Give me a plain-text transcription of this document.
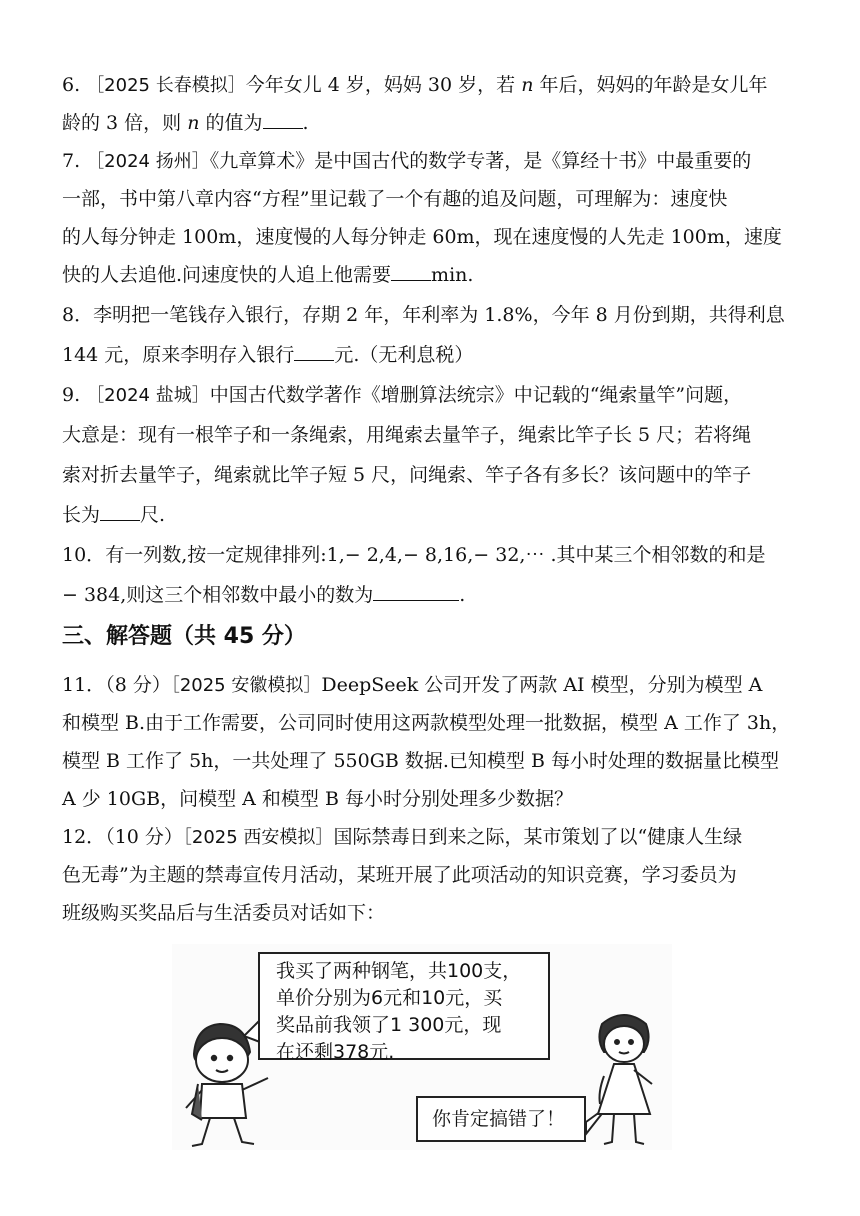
6. ［2025 长春模拟］今年女儿 4 岁，妈妈 30 岁，若 n 年后，妈妈的年龄是女儿年
龄的 3 倍，则 n 的值为 .
7. ［2024 扬州］《九章算术》是中国古代的数学专著，是《算经十书》中最重要的
一部，书中第八章内容“方程”里记载了一个有趣的追及问题，可理解为：速度快
的人每分钟走 100m，速度慢的人每分钟走 60m，现在速度慢的人先走 100m，速度
快的人去追他.问速度快的人追上他需要 min.
8．李明把一笔钱存入银行，存期 2 年，年利率为 1.8%，今年 8 月份到期，共得利息
144 元，原来李明存入银行 元.（无利息税）
9. ［2024 盐城］中国古代数学著作《增删算法统宗》中记载的“绳索量竿”问题，
大意是：现有一根竿子和一条绳索，用绳索去量竿子，绳索比竿子长 5 尺；若将绳
索对折去量竿子，绳索就比竿子短 5 尺，问绳索、竿子各有多长？该问题中的竿子
长为 尺.
10．有一列数,按一定规律排列:1,− 2,4,− 8,16,− 32,⋯ .其中某三个相邻数的和是
− 384,则这三个相邻数中最小的数为	.
三、解答题（共 45 分）
11．（8 分）［2025 安徽模拟］DeepSeek 公司开发了两款 AI 模型，分别为模型 A
和模型 B.由于工作需要，公司同时使用这两款模型处理一批数据，模型 A 工作了 3h，
模型 B 工作了 5h，一共处理了 550GB 数据.已知模型 B 每小时处理的数据量比模型
A 少 10GB，问模型 A 和模型 B 每小时分别处理多少数据？
12．（10 分）［2025 西安模拟］国际禁毒日到来之际，某市策划了以“健康人生绿
色无毒”为主题的禁毒宣传月活动，某班开展了此项活动的知识竞赛，学习委员为
班级购买奖品后与生活委员对话如下：
我买了两种钢笔，共100支，
单价分别为6元和10元，买
奖品前我领了1 300元，现
在还剩378元.
你肯定搞错了！
